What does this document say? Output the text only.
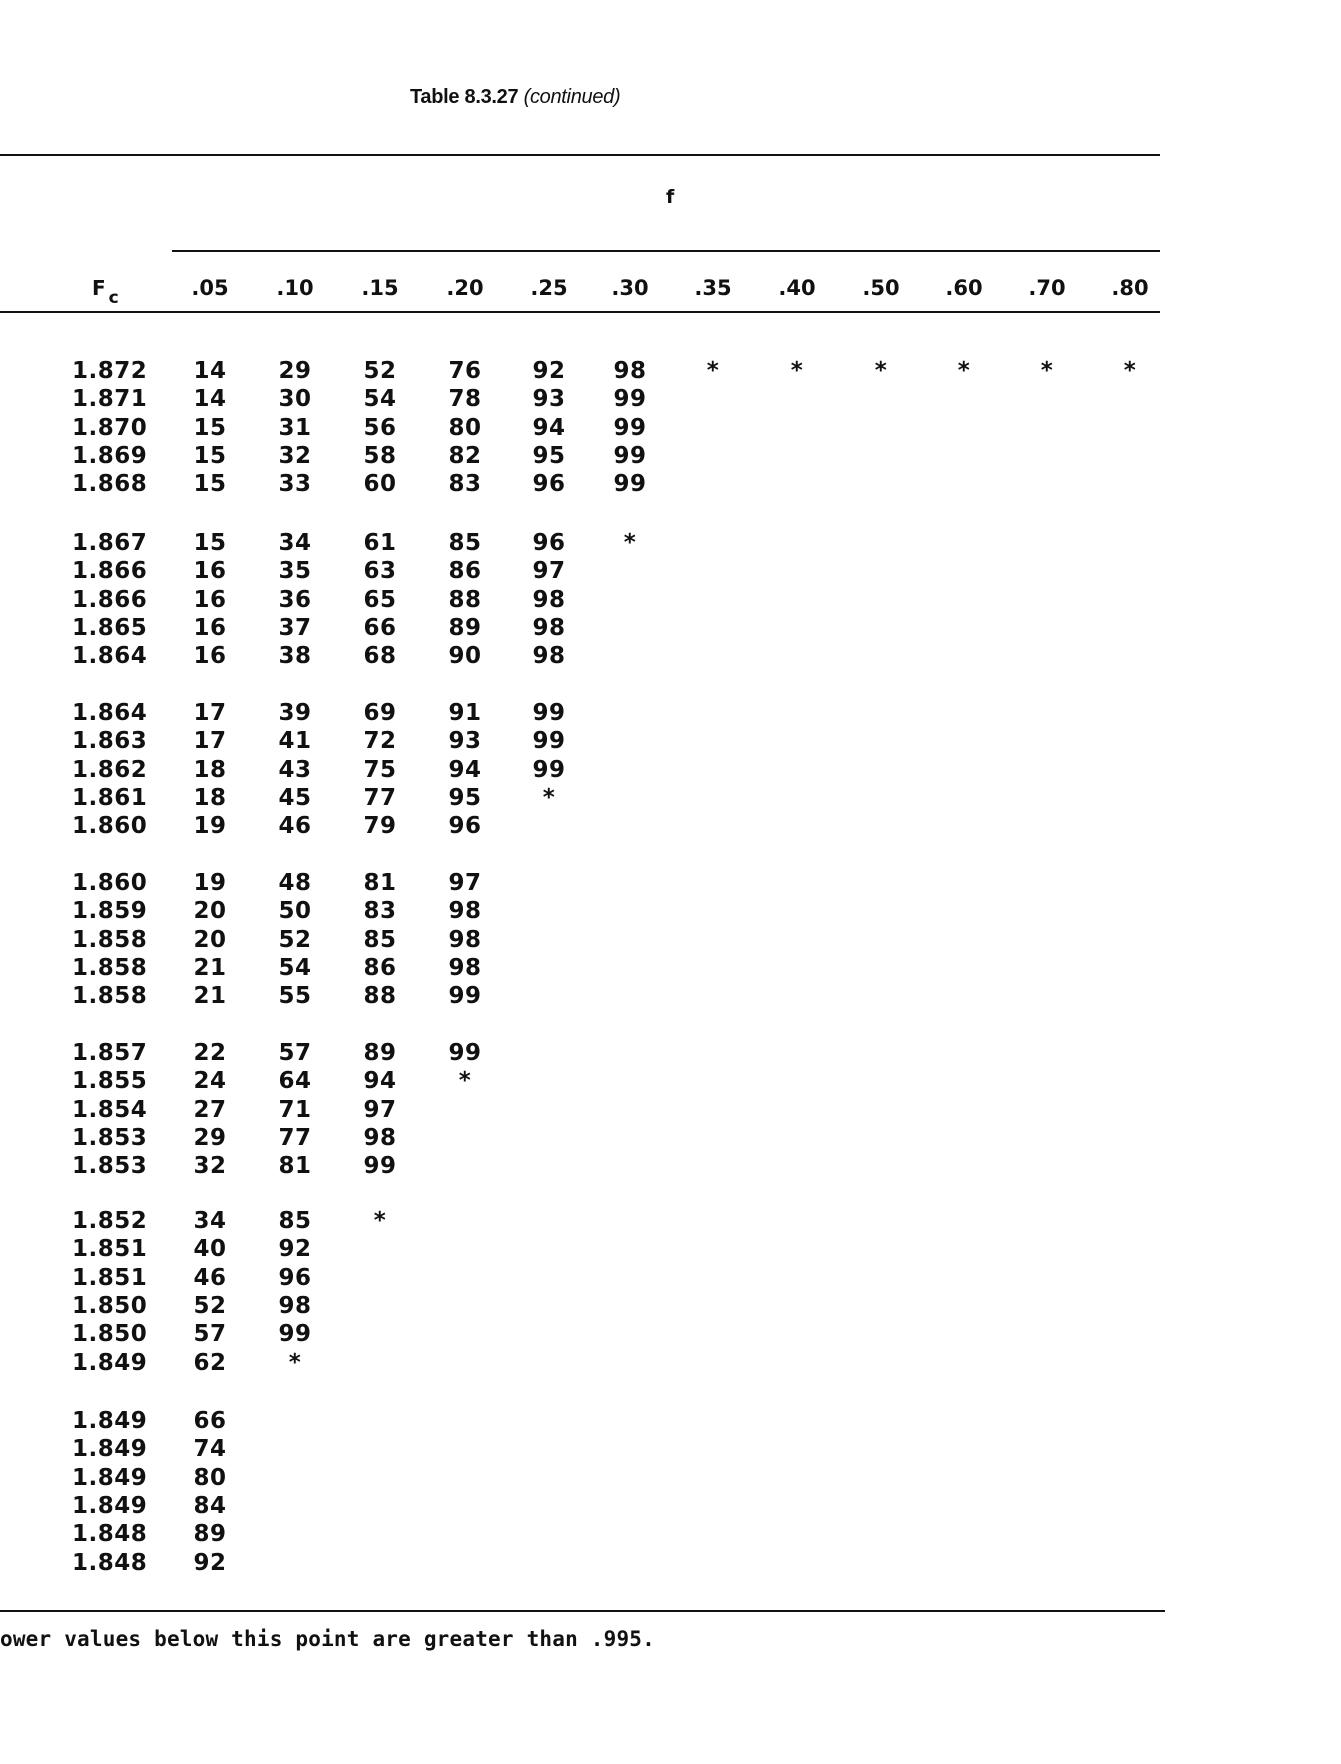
Table 8.3.27 (continued)
f
F $_c$	.05	.10	.15	.20	.25	.30	.35	.40	.50	.60	.70	.80
1.872	14	29	52	76	92	98	*	*	*	*	*	*
1.871	14	30	54	78	93	99
1.870	15	31	56	80	94	99
1.869	15	32	58	82	95	99
1.868	15	33	60	83	96	99
1.867	15	34	61	85	96	*
1.866	16	35	63	86	97
1.866	16	36	65	88	98
1.865	16	37	66	89	98
1.864	16	38	68	90	98
1.864	17	39	69	91	99
1.863	17	41	72	93	99
1.862	18	43	75	94	99
1.861	18	45	77	95	*
1.860	19	46	79	96
1.860	19	48	81	97
1.859	20	50	83	98
1.858	20	52	85	98
1.858	21	54	86	98
1.858	21	55	88	99
1.857	22	57	89	99
1.855	24	64	94	*
1.854	27	71	97
1.853	29	77	98
1.853	32	81	99
1.852	34	85	*
1.851	40	92
1.851	46	96
1.850	52	98
1.850	57	99
1.849	62	*
1.849	66
1.849	74
1.849	80
1.849	84
1.848	89
1.848	92
ower values below this point are greater than .995.
